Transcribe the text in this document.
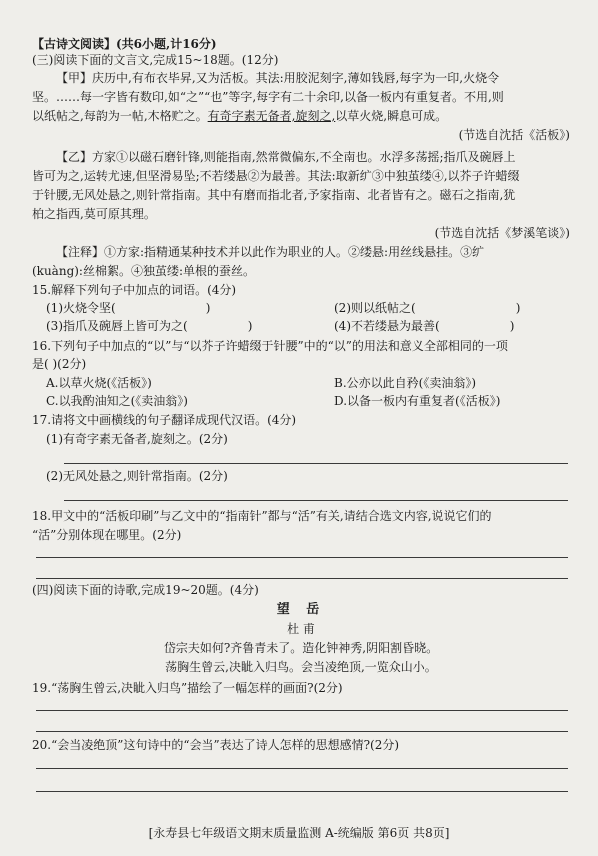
【古诗文阅读】(共6小题,计16分)
(三)阅读下面的文言文,完成15~18题。(12分)
【甲】庆历中,有布衣毕昇,又为活板。其法:用胶泥刻字,薄如钱唇,每字为一印,火烧令
坚。……每一字皆有数印,如“之”“也”等字,每字有二十余印,以备一板内有重复者。不用,则
以纸帖之,每韵为一帖,木格贮之。有奇字素无备者,旋刻之,以草火烧,瞬息可成。
(节选自沈括《活板》)
【乙】方家①以磁石磨针锋,则能指南,然常微偏东,不全南也。水浮多荡摇;指爪及碗唇上
皆可为之,运转尤速,但坚滑易坠;不若缕悬②为最善。其法:取新纩③中独茧缕④,以芥子许蜡缀
于针腰,无风处悬之,则针常指南。其中有磨而指北者,予家指南、北者皆有之。磁石之指南,犹
柏之指西,莫可原其理。
(节选自沈括《梦溪笔谈》)
【注释】①方家:指精通某种技术并以此作为职业的人。②缕悬:用丝线悬挂。③纩
(kuàng):丝棉絮。④独茧缕:单根的蚕丝。
15.解释下列句子中加点的词语。(4分)
(1)火烧令坚(	)	(2)则以纸帖之(	)
(3)指爪及碗唇上皆可为之(	)	(4)不若缕悬为最善(	)
16.下列句子中加点的“以”与“以芥子许蜡缀于针腰”中的“以”的用法和意义全部相同的一项
是( )(2分)
A.以草火烧(《活板》)	B.公亦以此自矜(《卖油翁》)
C.以我酌油知之(《卖油翁》)	D.以备一板内有重复者(《活板》)
17.请将文中画横线的句子翻译成现代汉语。(4分)
(1)有奇字素无备者,旋刻之。(2分)
(2)无风处悬之,则针常指南。(2分)
18.甲文中的“活板印刷”与乙文中的“指南针”都与“活”有关,请结合选文内容,说说它们的
“活”分别体现在哪里。(2分)
(四)阅读下面的诗歌,完成19~20题。(4分)
望 岳
杜 甫
岱宗夫如何?齐鲁青未了。造化钟神秀,阴阳割昏晓。
荡胸生曾云,决眦入归鸟。会当凌绝顶,一览众山小。
19.“荡胸生曾云,决眦入归鸟”描绘了一幅怎样的画面?(2分)
20.“会当凌绝顶”这句诗中的“会当”表达了诗人怎样的思想感情?(2分)
[永寿县七年级语文期末质量监测 A-统编版 第6页 共8页]
